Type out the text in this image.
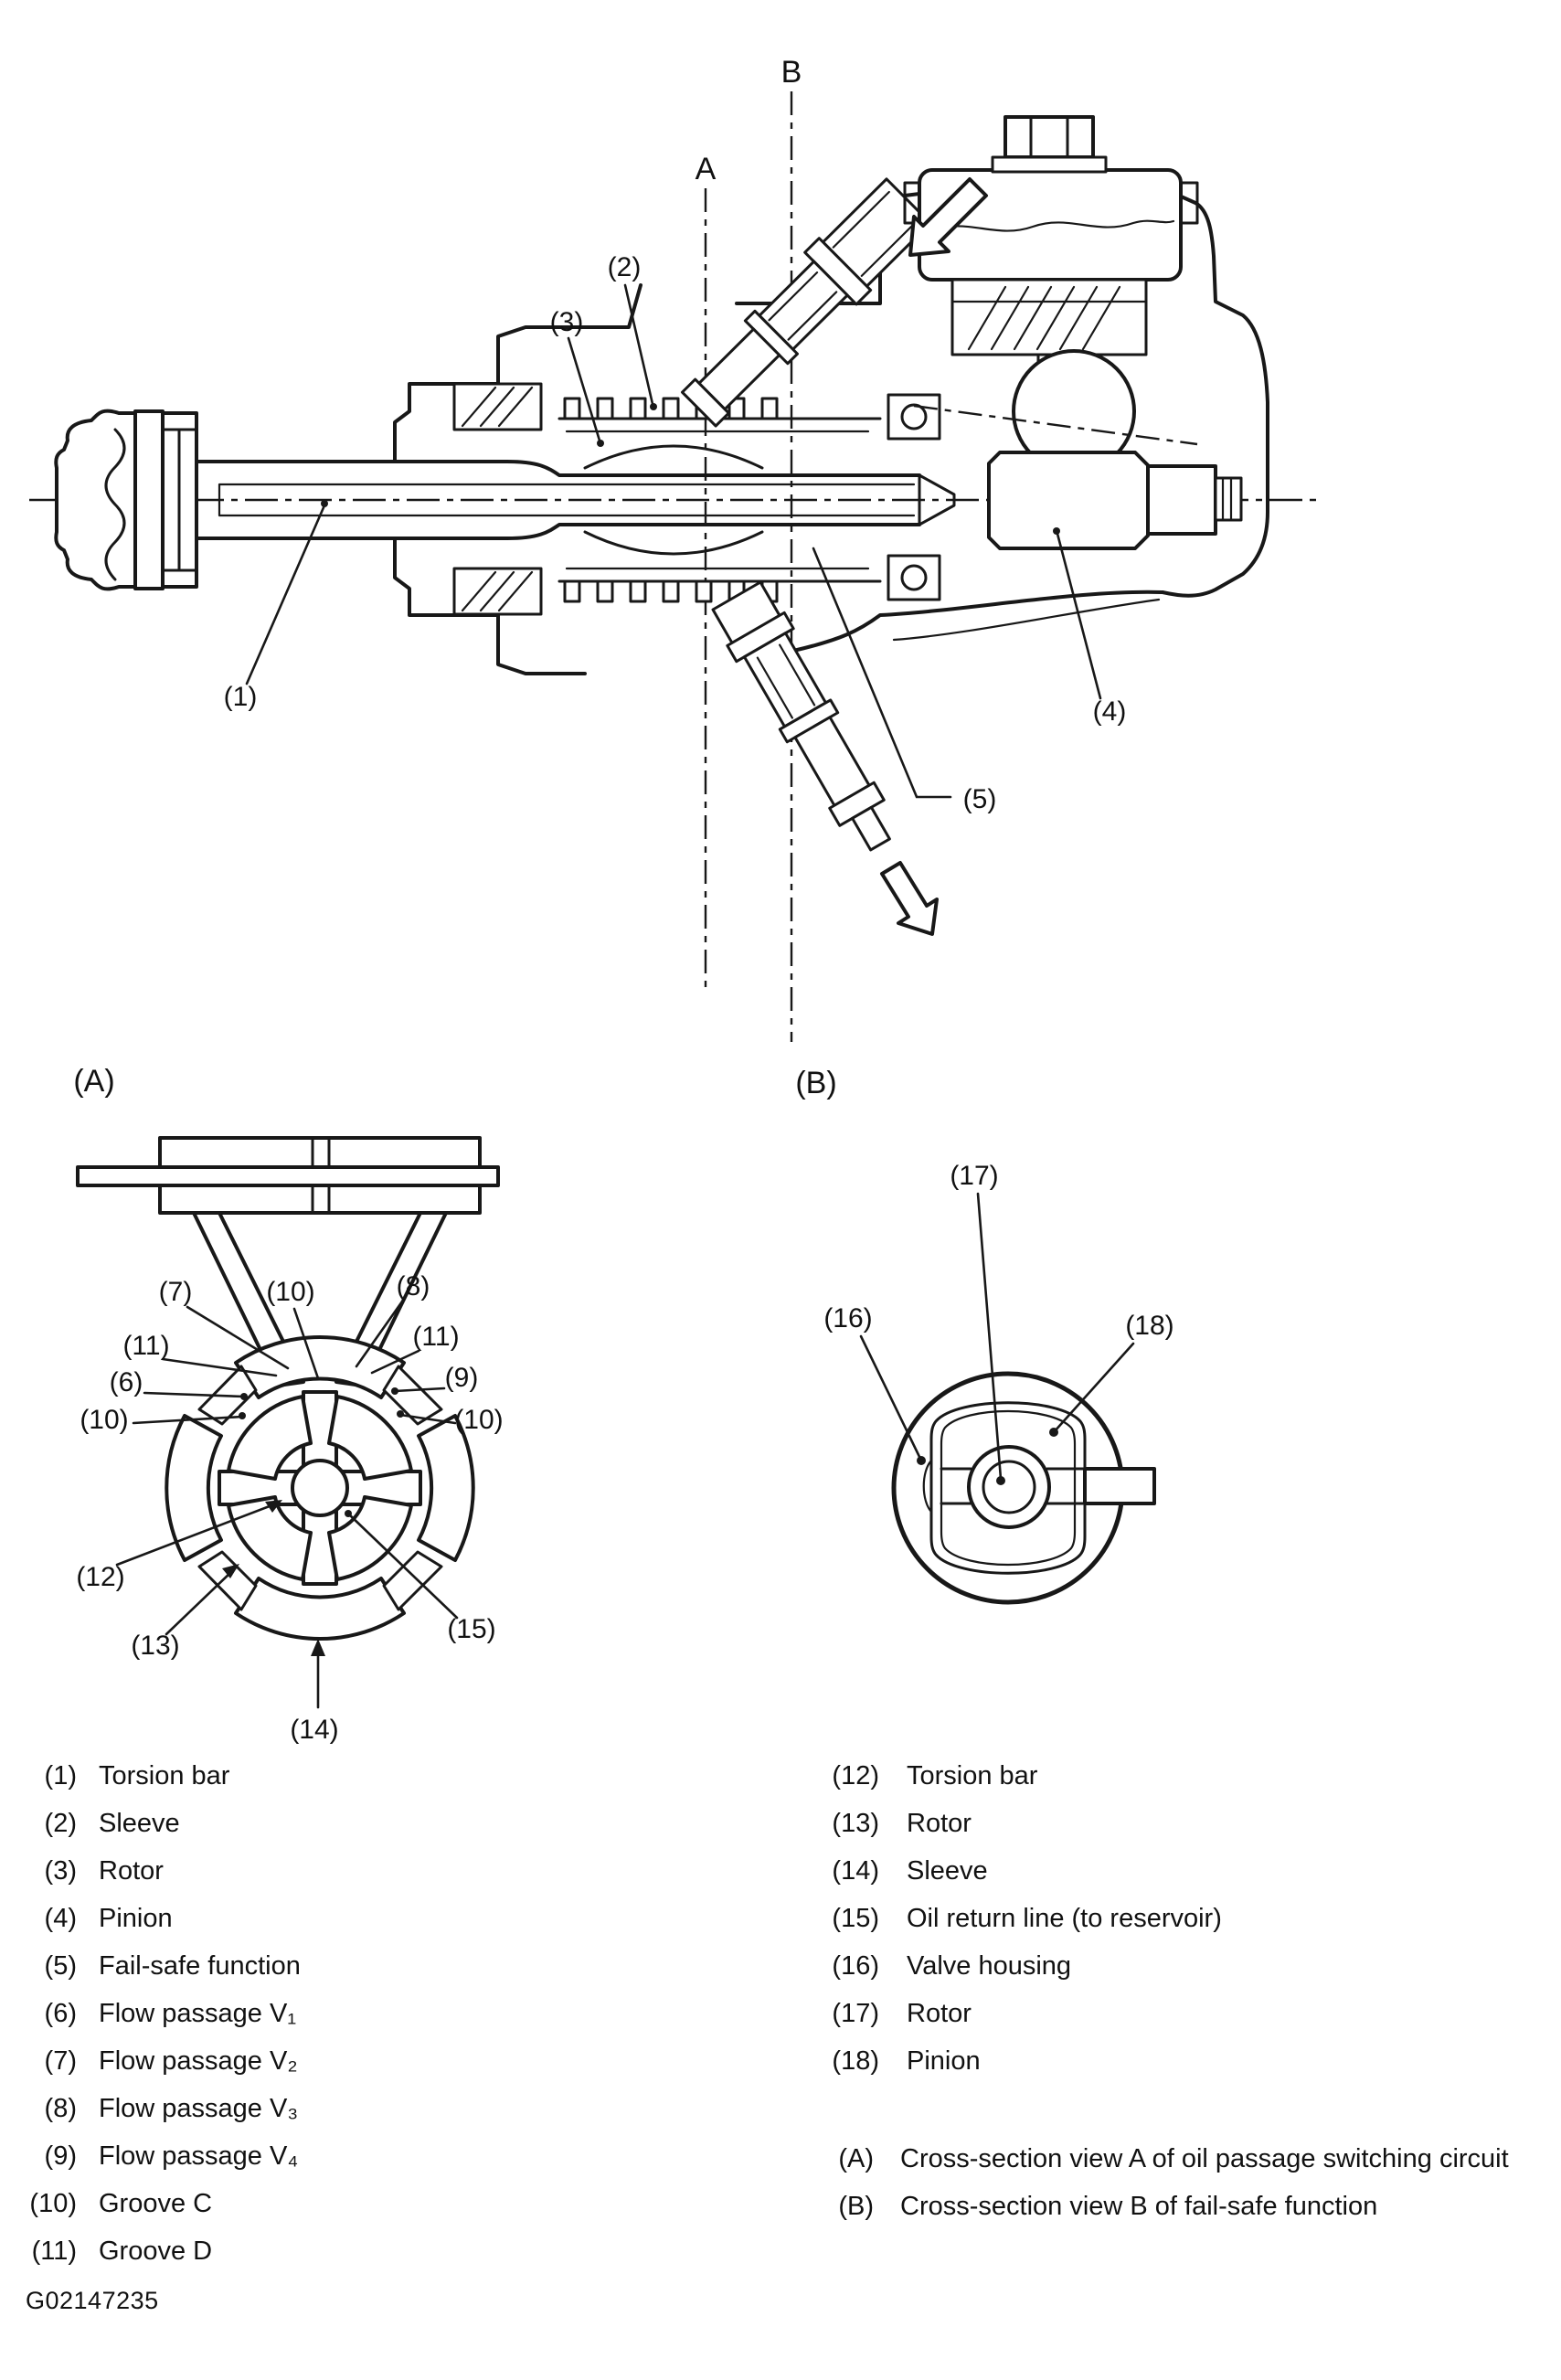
A
B
(1)
(2)
(3)
(4)
(5)
(A)
(7)	(10)	(8)
(11)	(11)
(6)	(9)
(10)	(10)
(12)
(13)
(15)
(14)
(B)
(17)
(16)	(18)
(1) Torsion bar
(2) Sleeve
(3) Rotor
(4) Pinion
(5) Fail-safe function
(6) Flow passage V₁
(7) Flow passage V₂
(8) Flow passage V₃
(9) Flow passage V₄
(10) Groove C
(11) Groove D
(12) Torsion bar
(13) Rotor
(14) Sleeve
(15) Oil return line (to reservoir)
(16) Valve housing
(17) Rotor
(18) Pinion
(A) Cross-section view A of oil passage switching circuit
(B) Cross-section view B of fail-safe function
G02147235
